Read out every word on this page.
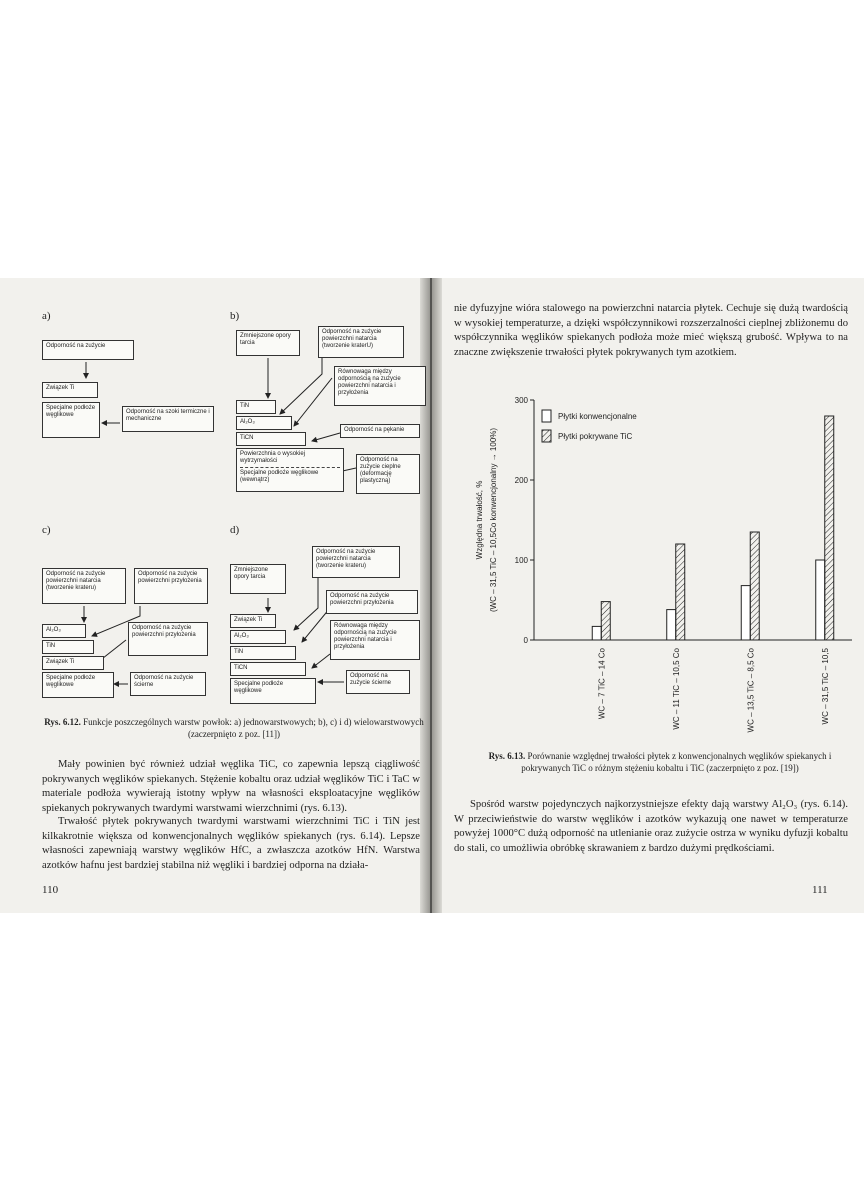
a)	b)
c)	d)
Odporność na zużycie
Związek Ti
Specjalne podłoże węglikowe	Odporność na szoki termiczne i mechaniczne
Zmniejszone opory tarcia
Odporność na zużycie powierzchni natarcia (tworzenie kraterU)
Równowaga między odpornością na zużycie powierzchni natarcia i przyłożenia
TiN
Al₂O₃
TiCN
Odporność na pękanie
Powierzchnia o wysokiej wytrzymałości
Specjalne podłoże węglikowe (wewnątrz)
Odporność na zużycie cieplne (deformację plastyczną)
Odporność na zużycie powierzchni natarcia (tworzenie krateru)
Odporność na zużycie powierzchni przyłożenia
Al₂O₃
TiN
Związek Ti
Specjalne podłoże węglikowe
Odporność na zużycie powierzchni przyłożenia
Odporność na zużycie ścierne
Odporność na zużycie powierzchni natarcia (tworzenie krateru)
Zmniejszone opory tarcia
Odporność na zużycie powierzchni przyłożenia
Związek Ti
Al₂O₃
TiN
TiCN
Równowaga między odpornością na zużycie powierzchni natarcia i przyłożenia
Specjalne podłoże węglikowe
Odporność na zużycie ścierne
Rys. 6.12. Funkcje poszczególnych warstw powłok: a) jednowarstwowych; b), c) i d) wielowarstwowych (zaczerpnięto z poz. [11])
Mały powinien być również udział węglika TiC, co zapewnia lepszą ciągliwość pokrywanych węglików spiekanych. Stężenie kobaltu oraz udział węglików TiC i TaC w materiale podłoża wywierają istotny wpływ na własności eksploatacyjne węglików spiekanych pokrywanych twardymi warstwami wierzchnimi (rys. 6.13).
Trwałość płytek pokrywanych twardymi warstwami wierzchnimi TiC i TiN jest kilkakrotnie większa od konwencjonalnych węglików spiekanych (rys. 6.14). Lepsze własności zapewniają warstwy węglików HfC, a zwłaszcza azotków HfN. Warstwa azotków hafnu jest bardziej stabilna niż węgliki i bardziej odporna na działa-
110
nie dyfuzyjne wióra stalowego na powierzchni natarcia płytek. Cechuje się dużą twardością w wysokiej temperaturze, a dzięki współczynnikowi rozszerzalności cieplnej zbliżonemu do współczynnika węglików spiekanych podłoża może mieć większą grubość. Wpływa to na znaczne zwiększenie trwałości płytek pokrywanych tym azotkiem.
0
100
200
300
Względna trwałość, % (WC – 31,5 TiC – 10,5Co konwencjonalny → 100%)
WC – 7 TiC – 14 Co	WC – 11 TiC – 10,5 Co	WC – 13,5 TiC – 8,5 Co	WC – 31,5 TiC – 10,5
Płytki konwencjonalne
Płytki pokrywane TiC
Rys. 6.13. Porównanie względnej trwałości płytek z konwencjonalnych węglików spiekanych i pokrywanych TiC o różnym stężeniu kobaltu i TiC (zaczerpnięto z poz. [19])
Spośród warstw pojedynczych najkorzystniejsze efekty dają warstwy Al₂O₃ (rys. 6.14). W przeciwieństwie do warstw węglików i azotków wykazują one nawet w temperaturze powyżej 1000°C dużą odporność na utlenianie oraz zużycie ostrza w wyniku dyfuzji kobaltu do stali, co umożliwia obróbkę skrawaniem z bardzo dużymi prędkościami.
111
